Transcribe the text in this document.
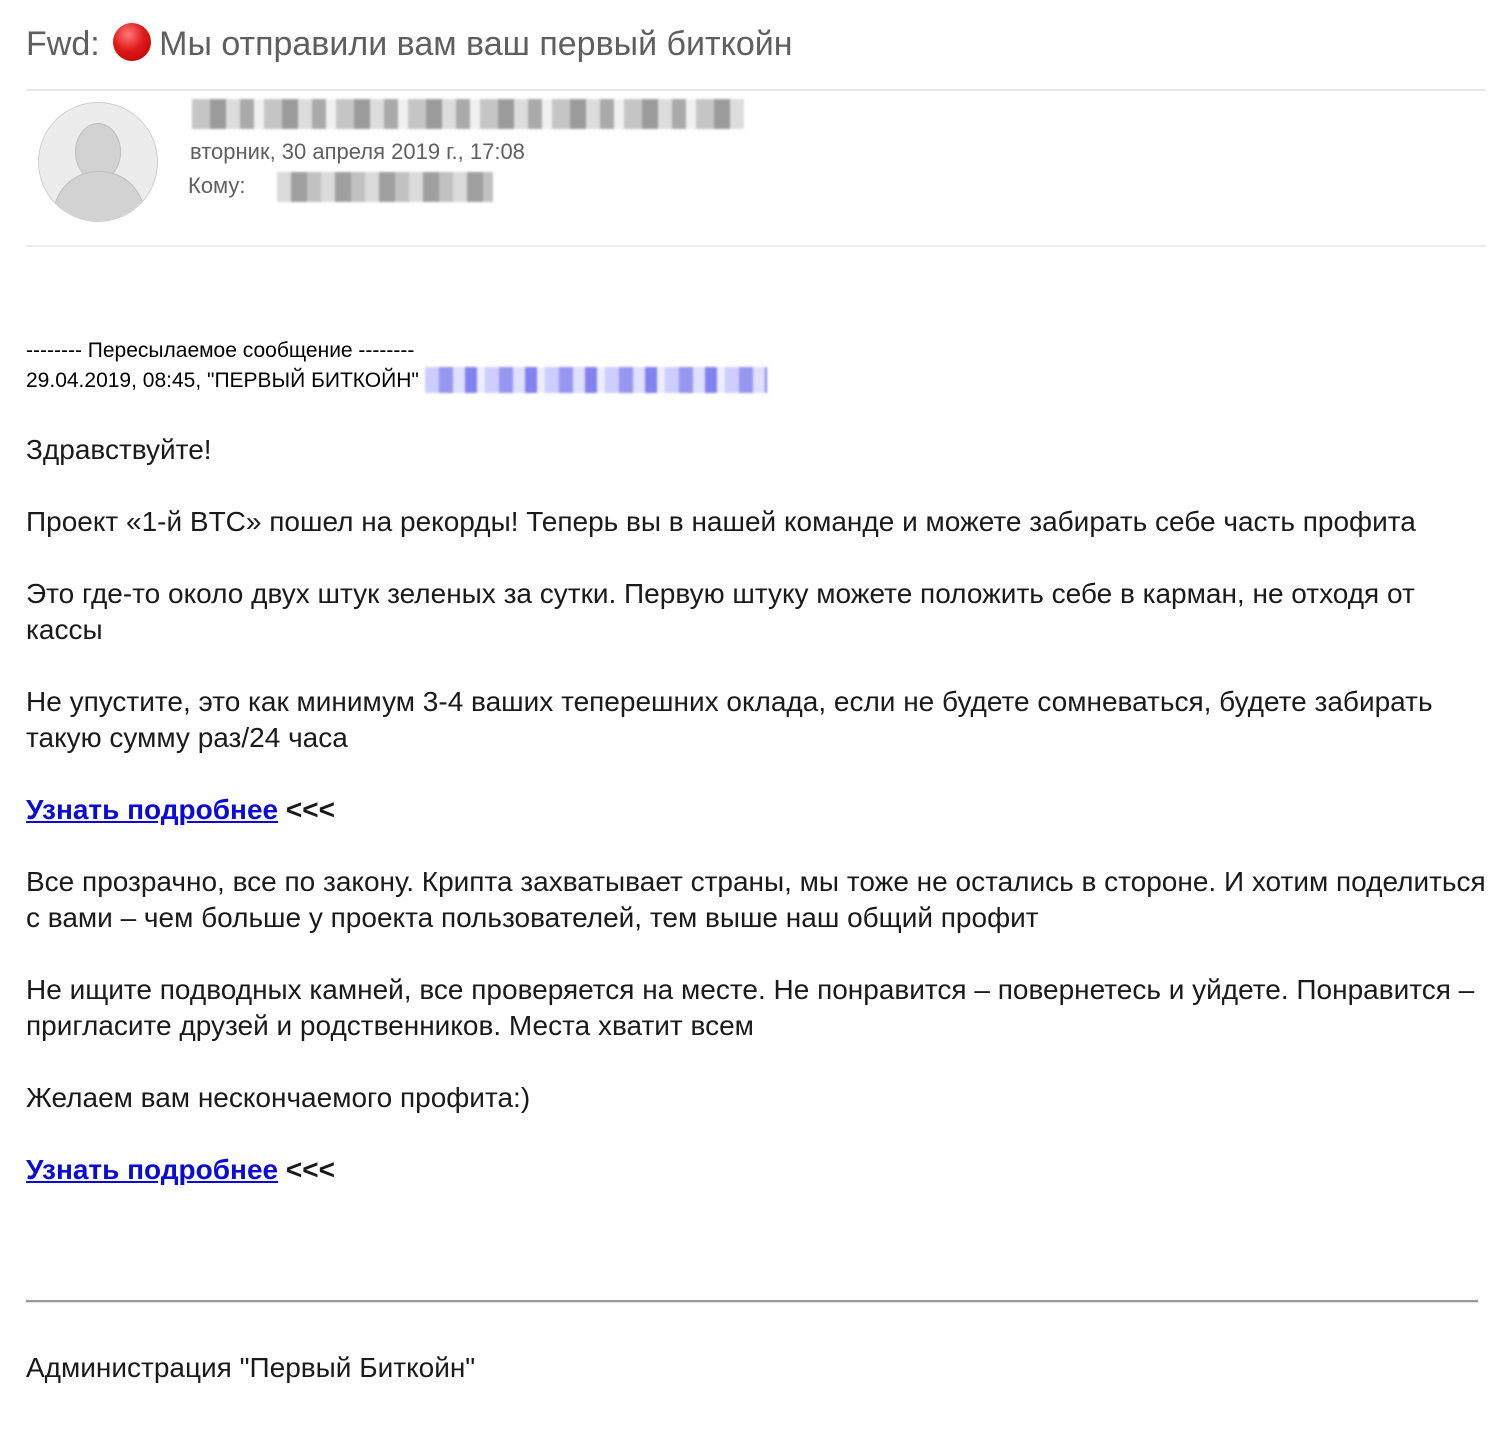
Fwd: Мы отправили вам ваш первый биткойн
вторник, 30 апреля 2019 г., 17:08
Кому:
-------- Пересылаемое сообщение --------
29.04.2019, 08:45, "ПЕРВЫЙ БИТКОЙН"

Здравствуйте!

Проект «1-й BTC» пошел на рекорды! Теперь вы в нашей команде и можете забирать себе часть профита

Это где-то около двух штук зеленых за сутки. Первую штуку можете положить себе в карман, не отходя от кассы

Не упустите, это как минимум 3-4 ваших теперешних оклада, если не будете сомневаться, будете забирать такую сумму раз/24 часа

Узнать подробнее <<<

Все прозрачно, все по закону. Крипта захватывает страны, мы тоже не остались в стороне. И хотим поделиться с вами – чем больше у проекта пользователей, тем выше наш общий профит

Не ищите подводных камней, все проверяется на месте. Не понравится – повернетесь и уйдете. Понравится – пригласите друзей и родственников. Места хватит всем

Желаем вам нескончаемого профита:)

Узнать подробнее <<<

Администрация "Первый Биткойн"
